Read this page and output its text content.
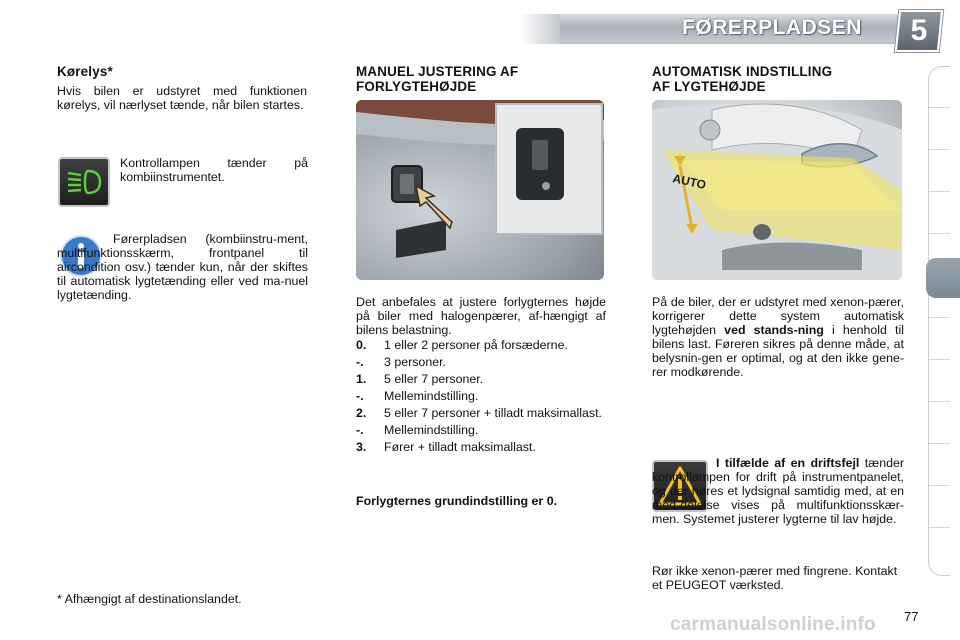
FØRERPLADSEN	5
Kørelys*
Hvis bilen er udstyret med funktionen kørelys, vil nærlyset tænde, når bilen startes.
Kontrollampen tænder på kombiinstrumentet.
Førerpladsen (kombiinstru-ment, multifunktionsskærm, frontpanel til aircondition osv.) tænder kun, når der skiftes til automatisk lygtetænding eller ved ma-nuel lygtetænding.
* Afhængigt af destinationslandet.
MANUEL JUSTERING AF
FORLYGTEHØJDE
Det anbefales at justere forlygternes højde på biler med halogenpærer, af-hængigt af bilens belastning.
0.	1 eller 2 personer på forsæderne.
-.	3 personer.
1.	5 eller 7 personer.
-.	Mellemindstilling.
2.	5 eller 7 personer + tilladt maksimallast.
-.	Mellemindstilling.
3.	Fører + tilladt maksimallast.
Forlygternes grundindstilling er 0.
AUTOMATISK INDSTILLING
AF LYGTEHØJDE
AUTO
På de biler, der er udstyret med xenon-pærer, korrigerer dette system automatisk lygtehøjden ved stands-ning i henhold til bilens last. Føreren sikres på denne måde, at belysnin-gen er optimal, og at den ikke gene-rer modkørende.
I tilfælde af en driftsfejl tænder kontrollampen for drift på instrumentpanelet, og der høres et lydsignal samtidig med, at en med-delelse vises på multifunktionsskær-men. Systemet justerer lygterne til lav højde.
Rør ikke xenon-pærer med fingrene. Kontakt et PEUGEOT værksted.
77
carmanualsonline.info
